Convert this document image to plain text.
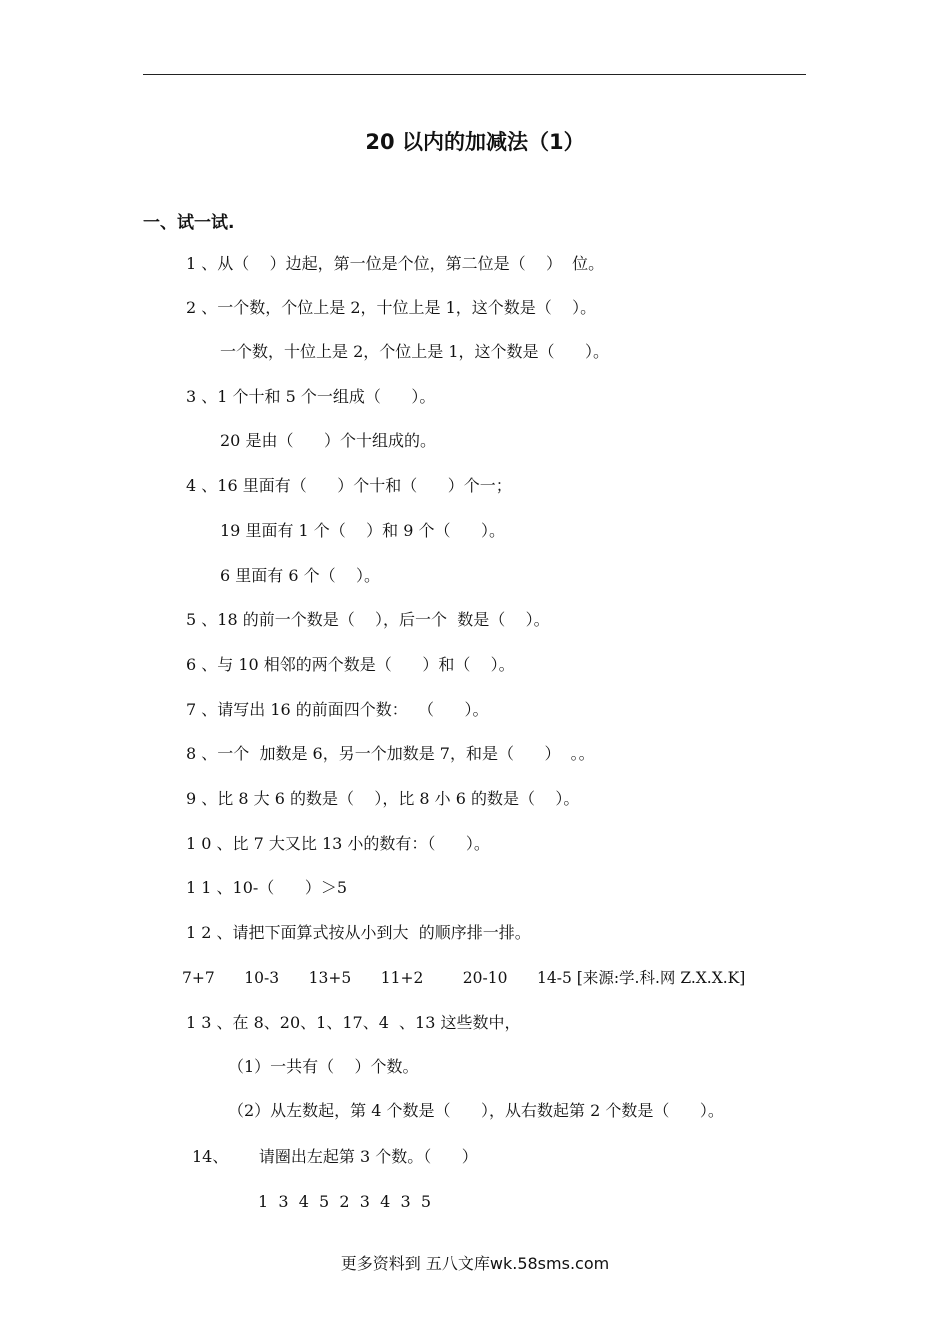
20 以内的加减法（1）
一、试一试.
1 、从（    ）边起，第一位是个位，第二位是（    ）  位。
2 、一个数，个位上是 2，十位上是 1，这个数是（    ）。
一个数，十位上是 2，个位上是 1，这个数是（      ）。
3 、1 个十和 5 个一组成（      ）。
20 是由（      ）个十组成的。
4 、16 里面有（      ）个十和（      ）个一；
19 里面有 1 个（    ）和 9 个（      ）。
6 里面有 6 个（    ）。
5 、18 的前一个数是（    ），后一个  数是（    ）。
6 、与 10 相邻的两个数是（      ）和（    ）。
7 、请写出 16 的前面四个数：  （      ）。
8 、一个  加数是 6，另一个加数是 7，和是（      ）  。。
9 、比 8 大 6 的数是（    ），比 8 小 6 的数是（    ）。
1 0 、比 7 大又比 13 小的数有：（      ）。
1 1 、10-（      ）＞5
1 2 、请把下面算式按从小到大  的顺序排一排。
7+7      10-3      13+5      11+2        20-10      14-5 [来源:学.科.网 Z.X.X.K]
1 3 、在 8、20、1、17、4  、13 这些数中，
（1）一共有（    ）个数。
（2）从左数起，第 4 个数是（      ），从右数起第 2 个数是（      ）。
14、      请圈出左起第 3 个数。（      ）
1  3  4  5  2  3  4  3  5
更多资料到 五八文库wk.58sms.com
